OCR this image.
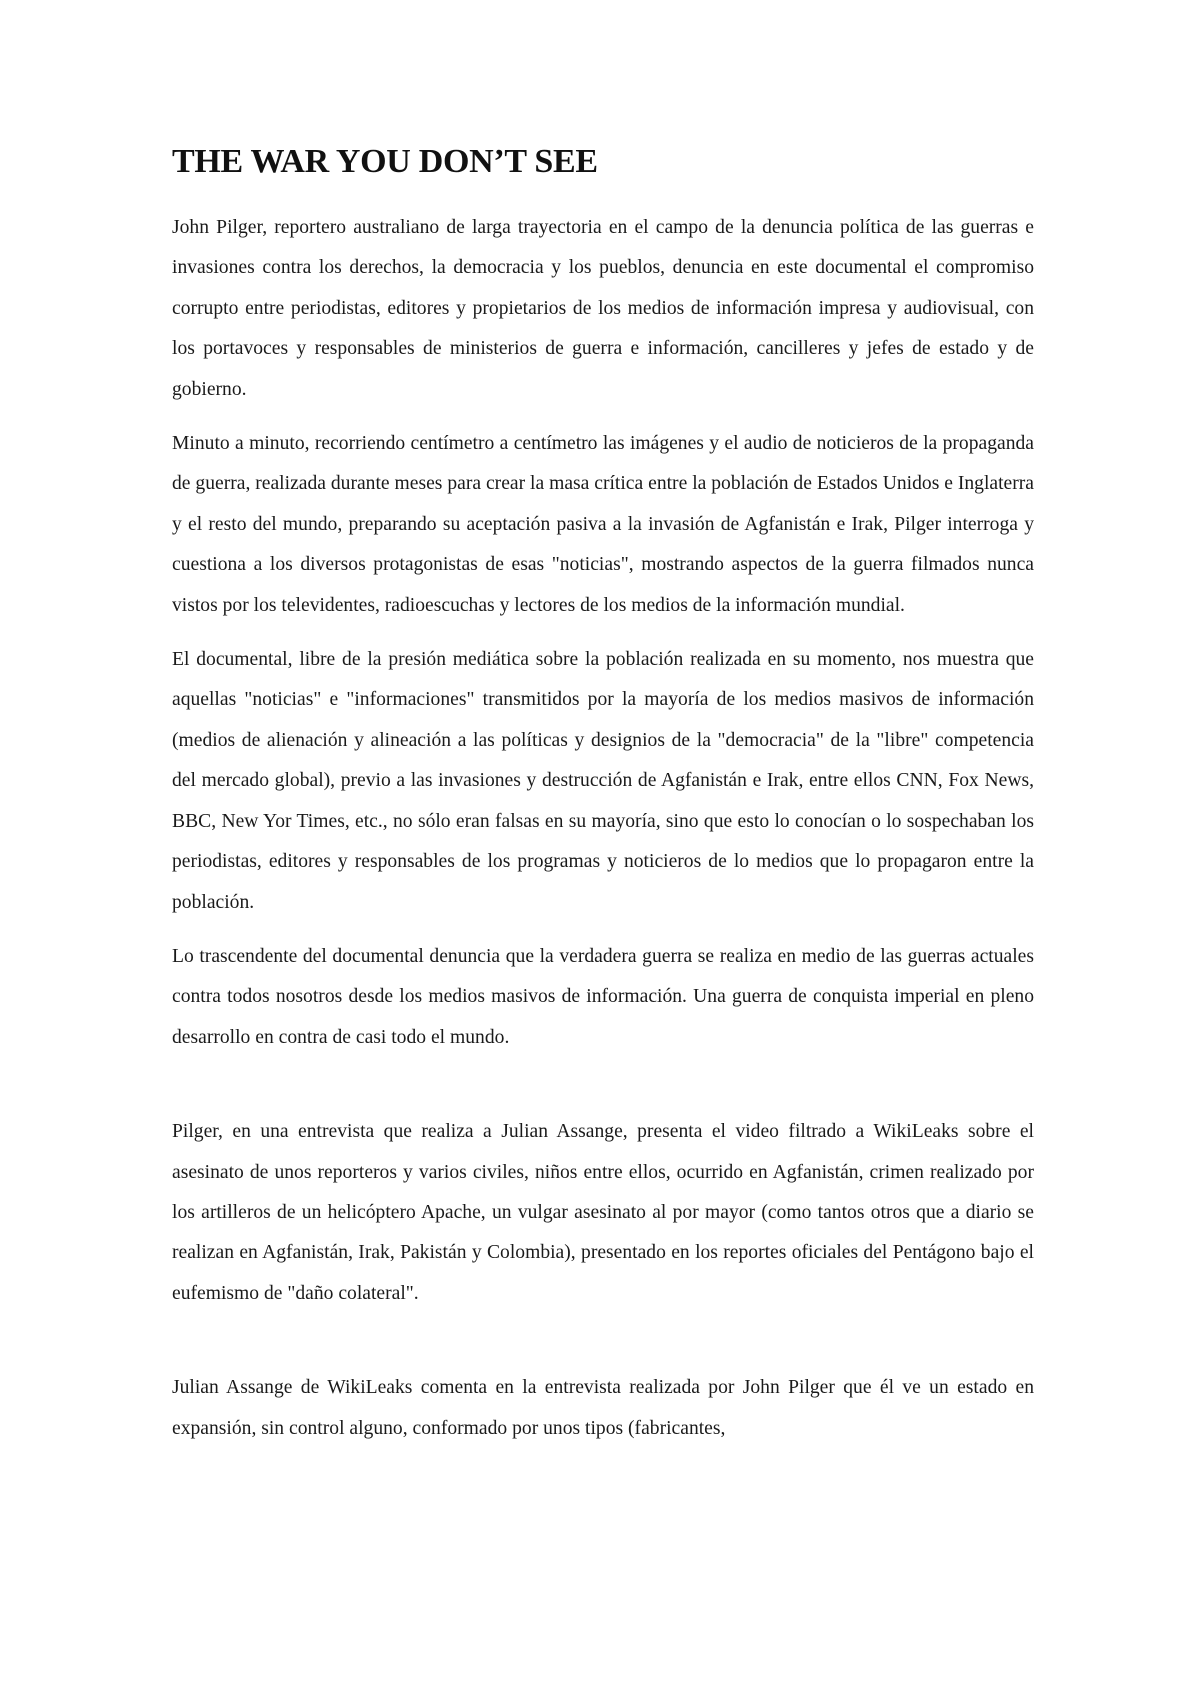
THE WAR YOU DON’T SEE

John Pilger, reportero australiano de larga trayectoria en el campo de la denuncia política de las guerras e invasiones contra los derechos, la democracia y los pueblos, denuncia en este documental el compromiso corrupto entre periodistas, editores y propietarios de los medios de información impresa y audiovisual, con los portavoces y responsables de ministerios de guerra e información, cancilleres y jefes de estado y de gobierno.

Minuto a minuto, recorriendo centímetro a centímetro las imágenes y el audio de noticieros de la propaganda de guerra, realizada durante meses para crear la masa crítica entre la población de Estados Unidos e Inglaterra y el resto del mundo, preparando su aceptación pasiva a la invasión de Agfanistán e Irak, Pilger interroga y cuestiona a los diversos protagonistas de esas "noticias", mostrando aspectos de la guerra filmados nunca vistos por los televidentes, radioescuchas y lectores de los medios de la información mundial.

El documental, libre de la presión mediática sobre la población realizada en su momento, nos muestra que aquellas "noticias" e "informaciones" transmitidos por la mayoría de los medios masivos de información (medios de alienación y alineación a las políticas y designios de la "democracia" de la "libre" competencia del mercado global), previo a las invasiones y destrucción de Agfanistán e Irak, entre ellos CNN, Fox News, BBC, New Yor Times, etc., no sólo eran falsas en su mayoría, sino que esto lo conocían o lo sospechaban los periodistas, editores y responsables de los programas y noticieros de lo medios que lo propagaron entre la población.

Lo trascendente del documental denuncia que la verdadera guerra se realiza en medio de las guerras actuales contra todos nosotros desde los medios masivos de información. Una guerra de conquista imperial en pleno desarrollo en contra de casi todo el mundo.

Pilger, en una entrevista que realiza a Julian Assange, presenta el video filtrado a WikiLeaks sobre el asesinato de unos reporteros y varios civiles, niños entre ellos, ocurrido en Agfanistán, crimen realizado por los artilleros de un helicóptero Apache, un vulgar asesinato al por mayor (como tantos otros que a diario se realizan en Agfanistán, Irak, Pakistán y Colombia), presentado en los reportes oficiales del Pentágono bajo el eufemismo de "daño colateral".

Julian Assange de WikiLeaks comenta en la entrevista realizada por John Pilger que él ve un estado en expansión, sin control alguno, conformado por unos tipos (fabricantes,
